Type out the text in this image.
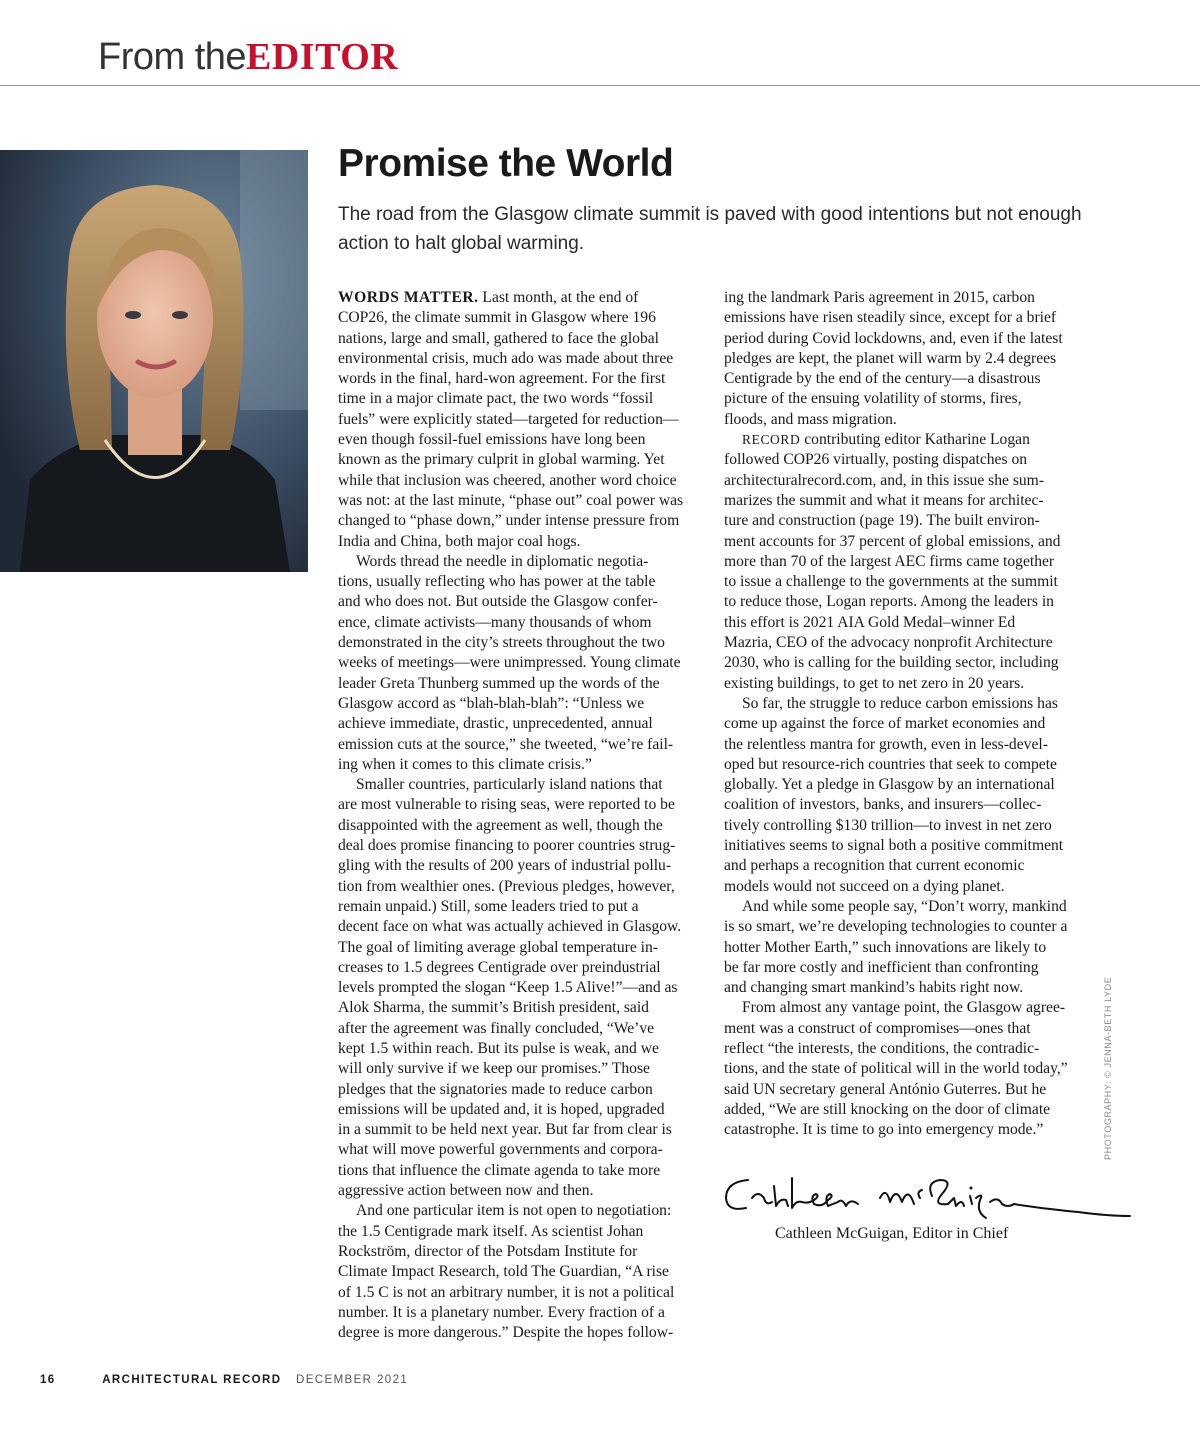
From theEDITOR
Promise the World
The road from the Glasgow climate summit is paved with good intentions but not enough action to halt global warming.
WORDS MATTER. Last month, at the end of
COP26, the climate summit in Glasgow where 196
nations, large and small, gathered to face the global
environmental crisis, much ado was made about three
words in the final, hard-won agreement. For the first
time in a major climate pact, the two words “fossil
fuels” were explicitly stated—targeted for reduction—
even though fossil-fuel emissions have long been
known as the primary culprit in global warming. Yet
while that inclusion was cheered, another word choice
was not: at the last minute, “phase out” coal power was
changed to “phase down,” under intense pressure from
India and China, both major coal hogs.
Words thread the needle in diplomatic negotia-
tions, usually reflecting who has power at the table
and who does not. But outside the Glasgow confer-
ence, climate activists—many thousands of whom
demonstrated in the city’s streets throughout the two
weeks of meetings—were unimpressed. Young climate
leader Greta Thunberg summed up the words of the
Glasgow accord as “blah-blah-blah”: “Unless we
achieve immediate, drastic, unprecedented, annual
emission cuts at the source,” she tweeted, “we’re fail-
ing when it comes to this climate crisis.”
Smaller countries, particularly island nations that
are most vulnerable to rising seas, were reported to be
disappointed with the agreement as well, though the
deal does promise financing to poorer countries strug-
gling with the results of 200 years of industrial pollu-
tion from wealthier ones. (Previous pledges, however,
remain unpaid.) Still, some leaders tried to put a
decent face on what was actually achieved in Glasgow.
The goal of limiting average global temperature in-
creases to 1.5 degrees Centigrade over preindustrial
levels prompted the slogan “Keep 1.5 Alive!”—and as
Alok Sharma, the summit’s British president, said
after the agreement was finally concluded, “We’ve
kept 1.5 within reach. But its pulse is weak, and we
will only survive if we keep our promises.” Those
pledges that the signatories made to reduce carbon
emissions will be updated and, it is hoped, upgraded
in a summit to be held next year. But far from clear is
what will move powerful governments and corpora-
tions that influence the climate agenda to take more
aggressive action between now and then.
And one particular item is not open to negotiation:
the 1.5 Centigrade mark itself. As scientist Johan
Rockström, director of the Potsdam Institute for
Climate Impact Research, told The Guardian, “A rise
of 1.5 C is not an arbitrary number, it is not a political
number. It is a planetary number. Every fraction of a
degree is more dangerous.” Despite the hopes follow-
ing the landmark Paris agreement in 2015, carbon
emissions have risen steadily since, except for a brief
period during Covid lockdowns, and, even if the latest
pledges are kept, the planet will warm by 2.4 degrees
Centigrade by the end of the century—a disastrous
picture of the ensuing volatility of storms, fires,
floods, and mass migration.
RECORD contributing editor Katharine Logan
followed COP26 virtually, posting dispatches on
architecturalrecord.com, and, in this issue she sum-
marizes the summit and what it means for architec-
ture and construction (page 19). The built environ-
ment accounts for 37 percent of global emissions, and
more than 70 of the largest AEC firms came together
to issue a challenge to the governments at the summit
to reduce those, Logan reports. Among the leaders in
this effort is 2021 AIA Gold Medal–winner Ed
Mazria, CEO of the advocacy nonprofit Architecture
2030, who is calling for the building sector, including
existing buildings, to get to net zero in 20 years.
So far, the struggle to reduce carbon emissions has
come up against the force of market economies and
the relentless mantra for growth, even in less-devel-
oped but resource-rich countries that seek to compete
globally. Yet a pledge in Glasgow by an international
coalition of investors, banks, and insurers—collec-
tively controlling $130 trillion—to invest in net zero
initiatives seems to signal both a positive commitment
and perhaps a recognition that current economic
models would not succeed on a dying planet.
And while some people say, “Don’t worry, mankind
is so smart, we’re developing technologies to counter a
hotter Mother Earth,” such innovations are likely to
be far more costly and inefficient than confronting
and changing smart mankind’s habits right now.
From almost any vantage point, the Glasgow agree-
ment was a construct of compromises—ones that
reflect “the interests, the conditions, the contradic-
tions, and the state of political will in the world today,”
said UN secretary general António Guterres. But he
added, “We are still knocking on the door of climate
catastrophe. It is time to go into emergency mode.”	PHOTOGRAPHY: © JENNA-BETH LYDE
Cathleen McGuigan, Editor in Chief
16	ARCHITECTURAL RECORD DECEMBER 2021
